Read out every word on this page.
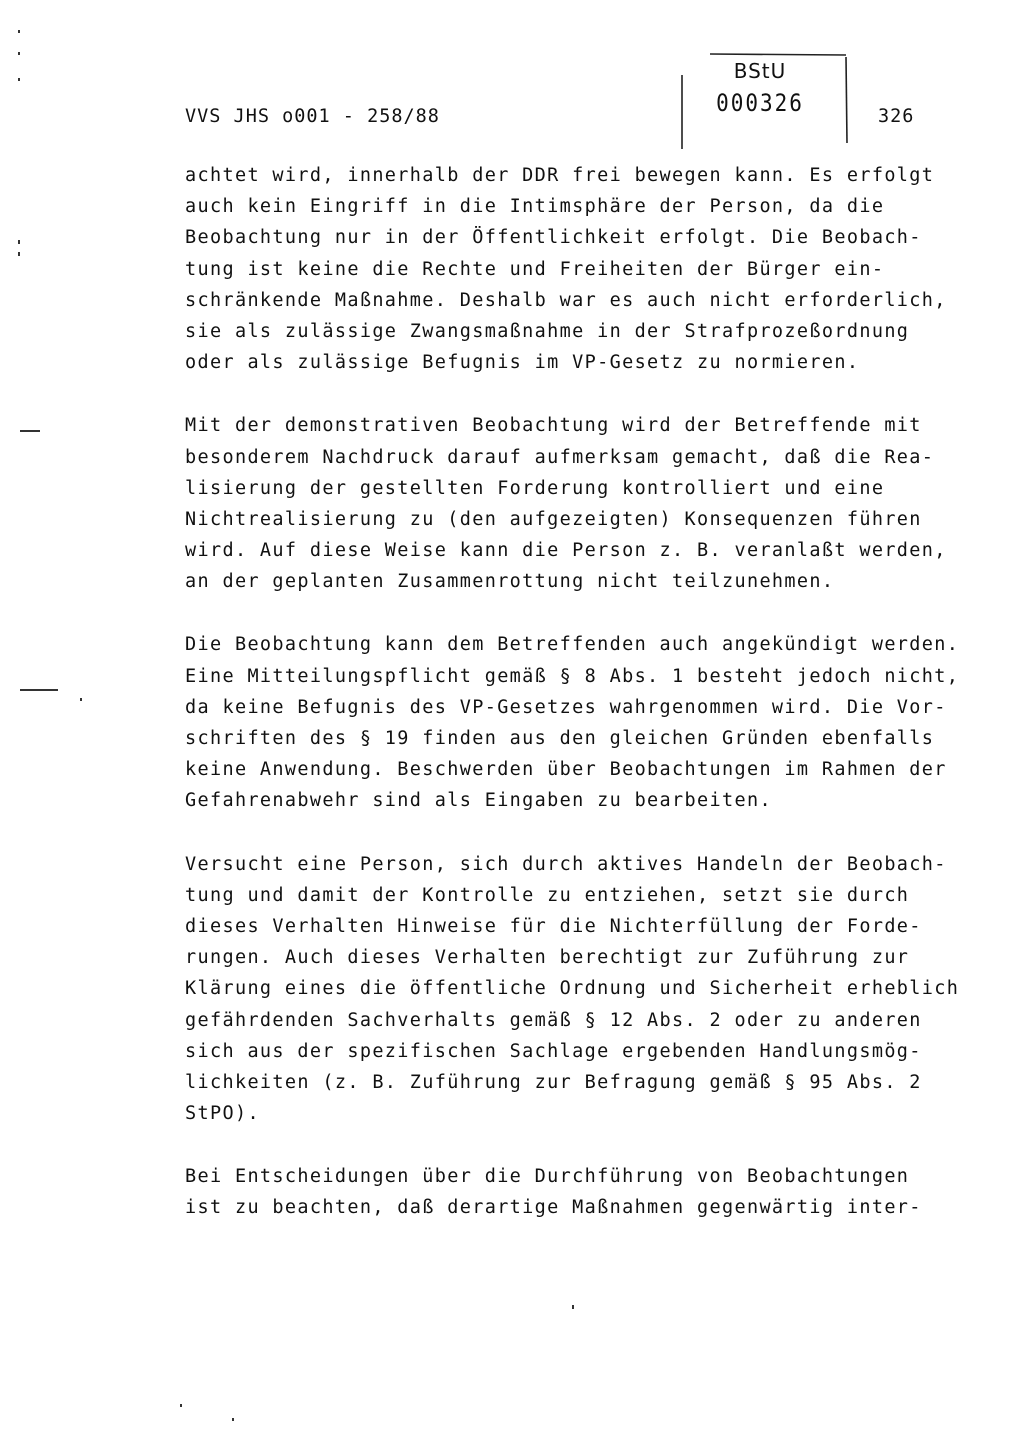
VVS JHS o001 - 258/88
BStU
000326	326
achtet wird, innerhalb der DDR frei bewegen kann. Es erfolgt
auch kein Eingriff in die Intimsphäre der Person, da die
Beobachtung nur in der Öffentlichkeit erfolgt. Die Beobach-
tung ist keine die Rechte und Freiheiten der Bürger ein-
schränkende Maßnahme. Deshalb war es auch nicht erforderlich,
sie als zulässige Zwangsmaßnahme in der Strafprozeßordnung
oder als zulässige Befugnis im VP-Gesetz zu normieren.
Mit der demonstrativen Beobachtung wird der Betreffende mit
besonderem Nachdruck darauf aufmerksam gemacht, daß die Rea-
lisierung der gestellten Forderung kontrolliert und eine
Nichtrealisierung zu (den aufgezeigten) Konsequenzen führen
wird. Auf diese Weise kann die Person z. B. veranlaßt werden,
an der geplanten Zusammenrottung nicht teilzunehmen.
Die Beobachtung kann dem Betreffenden auch angekündigt werden.
Eine Mitteilungspflicht gemäß § 8 Abs. 1 besteht jedoch nicht,
da keine Befugnis des VP-Gesetzes wahrgenommen wird. Die Vor-
schriften des § 19 finden aus den gleichen Gründen ebenfalls
keine Anwendung. Beschwerden über Beobachtungen im Rahmen der
Gefahrenabwehr sind als Eingaben zu bearbeiten.
Versucht eine Person, sich durch aktives Handeln der Beobach-
tung und damit der Kontrolle zu entziehen, setzt sie durch
dieses Verhalten Hinweise für die Nichterfüllung der Forde-
rungen. Auch dieses Verhalten berechtigt zur Zuführung zur
Klärung eines die öffentliche Ordnung und Sicherheit erheblich
gefährdenden Sachverhalts gemäß § 12 Abs. 2 oder zu anderen
sich aus der spezifischen Sachlage ergebenden Handlungsmög-
lichkeiten (z. B. Zuführung zur Befragung gemäß § 95 Abs. 2
StPO).
Bei Entscheidungen über die Durchführung von Beobachtungen
ist zu beachten, daß derartige Maßnahmen gegenwärtig inter-
